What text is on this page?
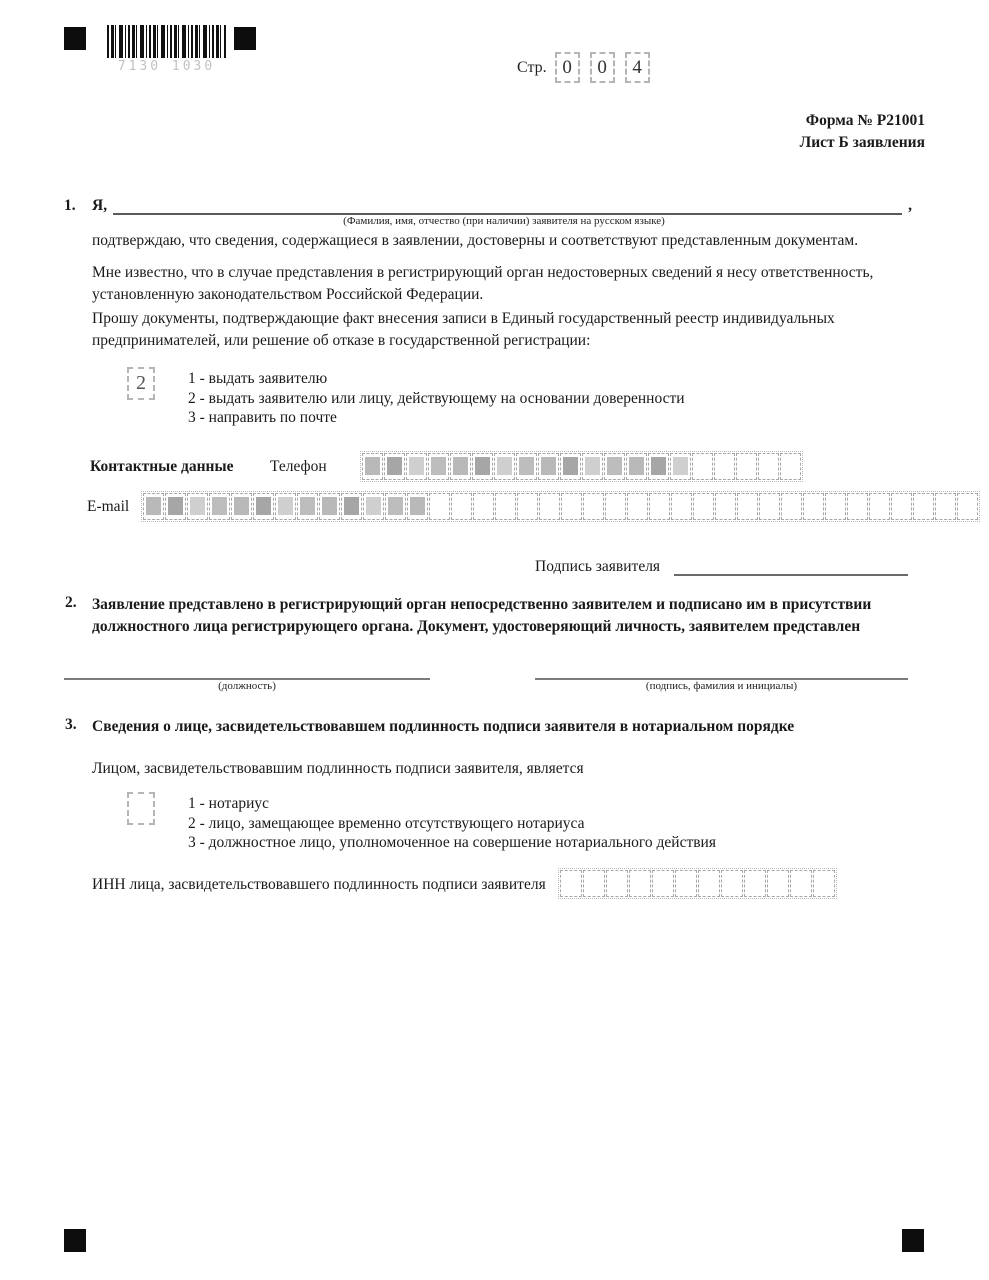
7130 1030	Стр. 0	0	4
Форма № Р21001
Лист Б заявления
1.	Я,	,
(Фамилия, имя, отчество (при наличии) заявителя на русском языке)
подтверждаю, что сведения, содержащиеся в заявлении, достоверны и соответствуют представленным документам.
Мне известно, что в случае представления в регистрирующий орган недостоверных сведений я несу ответственность, установленную законодательством Российской Федерации.
Прошу документы, подтверждающие факт внесения записи в Единый государственный реестр индивидуальных предпринимателей, или решение об отказе в государственной регистрации:
2	1 - выдать заявителю
2 - выдать заявителю или лицу, действующему на основании доверенности
3 - направить по почте
Контактные данные Телефон
E-mail
Подпись заявителя
2. Заявление представлено в регистрирующий орган непосредственно заявителем и подписано им в присутствии должностного лица регистрирующего органа. Документ, удостоверяющий личность, заявителем представлен
(должность)	(подпись, фамилия и инициалы)
3. Сведения о лице, засвидетельствовавшем подлинность подписи заявителя в нотариальном порядке
Лицом, засвидетельствовавшим подлинность подписи заявителя, является
1 - нотариус
2 - лицо, замещающее временно отсутствующего нотариуса
3 - должностное лицо, уполномоченное на совершение нотариального действия
ИНН лица, засвидетельствовавшего подлинность подписи заявителя
